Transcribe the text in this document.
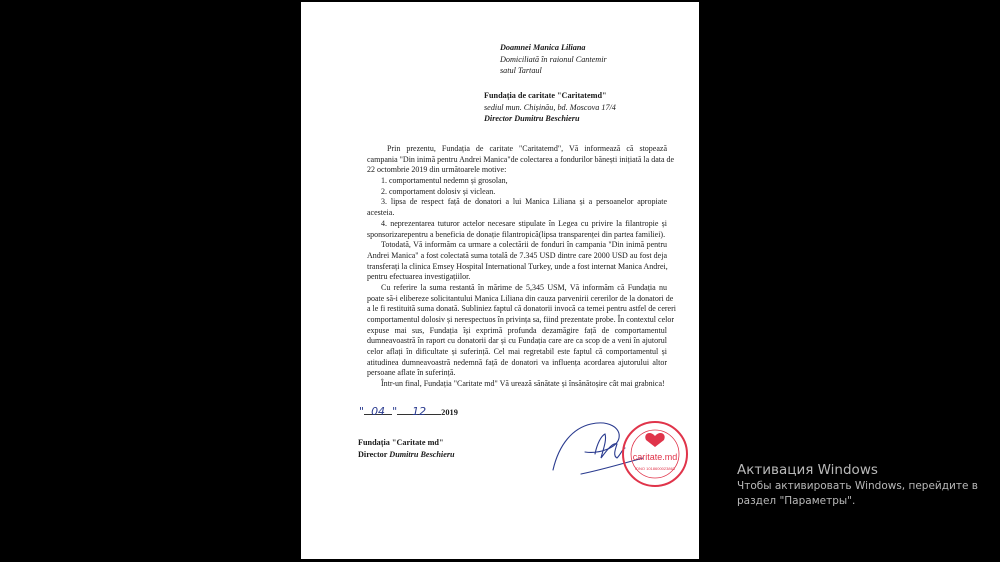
Doamnei Manica Liliana
Domiciliată în raionul Cantemir
satul Tartaul
Fundația de caritate "Caritatemd"
sediul mun. Chișinău, bd. Moscova 17/4
Director Dumitru Beschieru
Prin prezentu, Fundația de caritate "Caritatemd", Vă informează că stopează
campania "Din inimă pentru Andrei Manica"de colectarea a fondurilor bănești inițiată la data de
22 octombrie 2019 din următoarele motive:
1. comportamentul nedemn și grosolan,
2. comportament dolosiv și viclean.
3. lipsa de respect față de donatori a lui Manica Liliana și a persoanelor apropiate
acesteia.
4. neprezentarea tuturor actelor necesare stipulate în Legea cu privire la filantropie și
sponsorizarepentru a beneficia de donație filantropică(lipsa transparenței din partea familiei).
Totodată, Vă informăm ca urmare a colectării de fonduri în campania "Din inimă pentru
Andrei Manica" a fost colectată suma totală de 7.345 USD dintre care 2000 USD au fost deja
transferați la clinica Emsey Hospital International Turkey, unde a fost internat Manica Andrei,
pentru efectuarea investigațiilor.
Cu referire la suma restantă în mărime de 5,345 USM, Vă informăm că Fundația nu
poate să-i elibereze solicitantului Manica Liliana din cauza parvenirii cererilor de la donatori de
a le fi restituită suma donată. Subliniez faptul că donatorii invocă ca temei pentru astfel de cereri
comportamentul dolosiv și nerespectuos în privința sa, fiind prezentate probe. În contextul celor
expuse mai sus, Fundația își exprimă profunda dezamăgire față de comportamentul
dumneavoastră în raport cu donatorii dar și cu Fundația care are ca scop de a veni în ajutorul
celor aflați în dificultate și suferință. Cel mai regretabil este faptul că comportamentul și
atitudinea dumneavoastră nedemnă față de donatori va influența acordarea ajutorului altor
persoane aflate în suferință.
Într-un final, Fundația "Caritate md" Vă urează sănătate și însănătoșire cât mai grabnica!
" 04 " 12 2019
Fundația "Caritate md"
Director Dumitru Beschieru	caritate.md
IDNO 1018600023863	Активация Windows
Чтобы активировать Windows, перейдите в
раздел "Параметры".
